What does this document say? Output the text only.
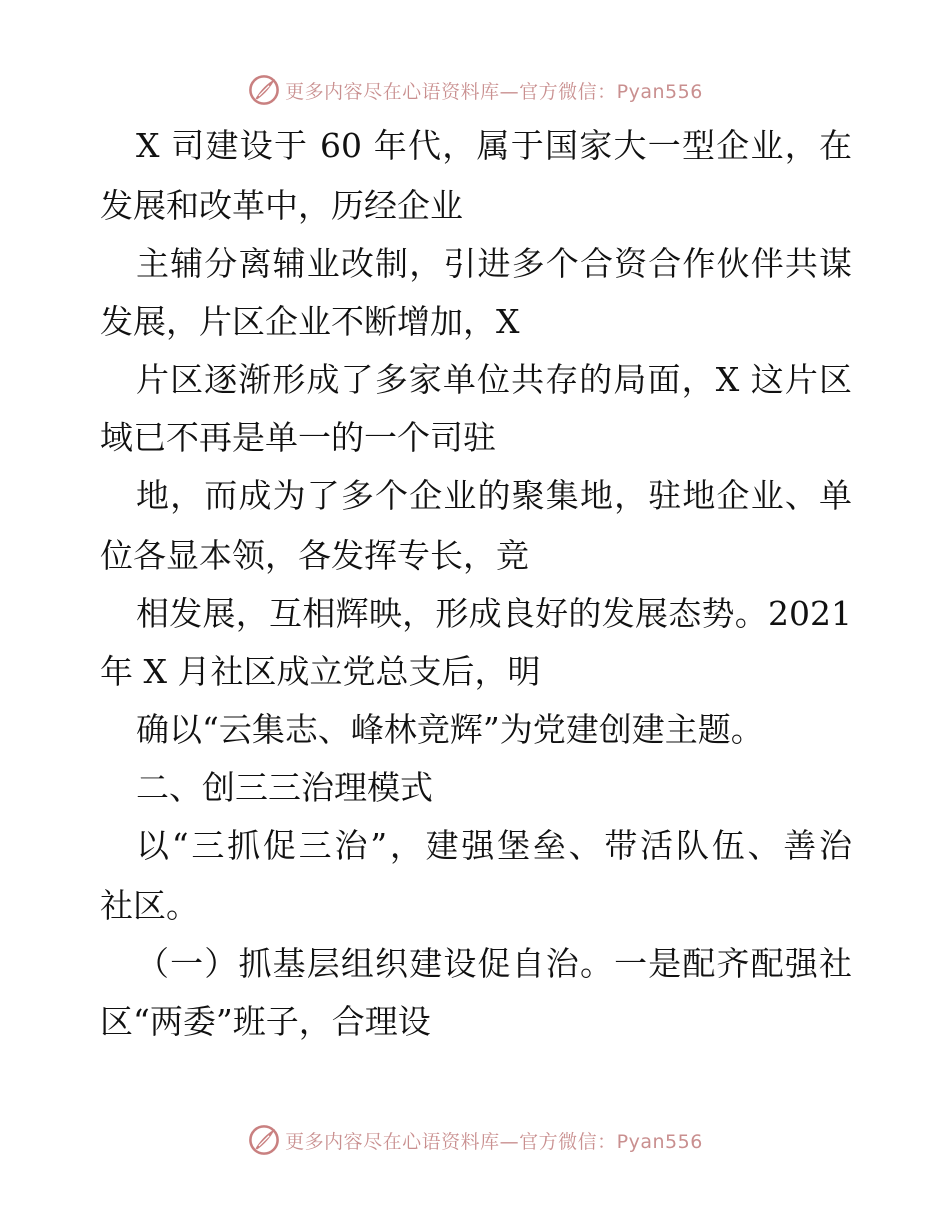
更多内容尽在心语资料库—官方微信：Pyan556
X 司建设于 60 年代，属于国家大一型企业，在
发展和改革中，历经企业
主辅分离辅业改制，引进多个合资合作伙伴共谋
发展，片区企业不断增加，X
片区逐渐形成了多家单位共存的局面，X 这片区
域已不再是单一的一个司驻
地，而成为了多个企业的聚集地，驻地企业、单
位各显本领，各发挥专长，竞
相发展，互相辉映，形成良好的发展态势。2021
年 X 月社区成立党总支后，明
确以“云集志、峰林竞辉”为党建创建主题。
二、创三三治理模式
以“三抓促三治”，建强堡垒、带活队伍、善治
社区。
（一）抓基层组织建设促自治。一是配齐配强社
区“两委”班子，合理设
更多内容尽在心语资料库—官方微信：Pyan556
